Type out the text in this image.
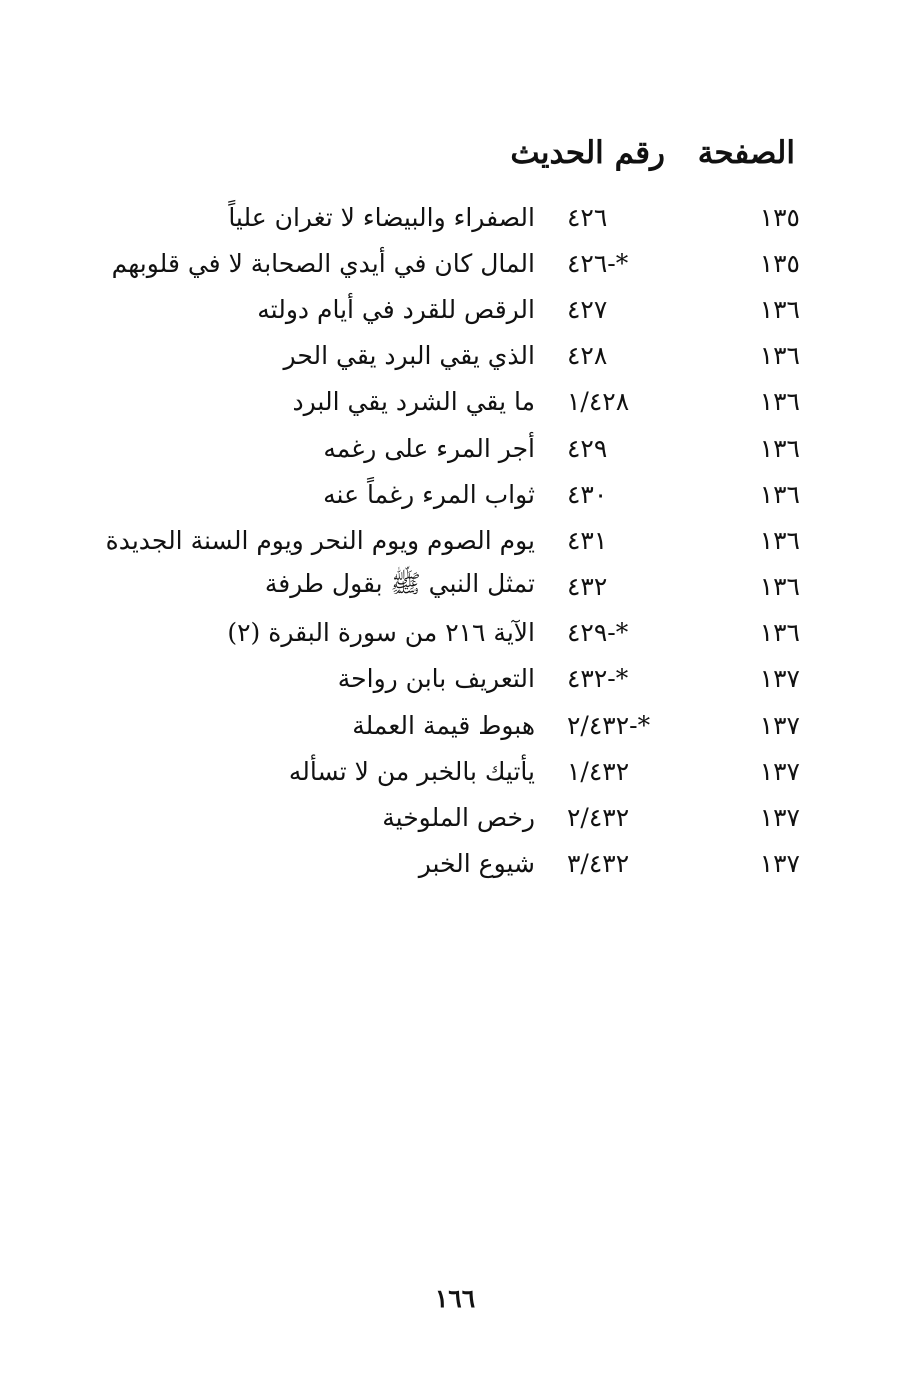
الصفحة
رقم الحديث
١٣٥
٤٢٦
الصفراء والبيضاء لا تغران علياً
١٣٥
٤٢٦-*
المال كان في أيدي الصحابة لا في قلوبهم
١٣٦
٤٢٧
الرقص للقرد في أيام دولته
١٣٦
٤٢٨
الذي يقي البرد يقي الحر
١٣٦
١/٤٢٨
ما يقي الشرد يقي البرد
١٣٦
٤٢٩
أجر المرء على رغمه
١٣٦
٤٣٠
ثواب المرء رغماً عنه
١٣٦
٤٣١
يوم الصوم ويوم النحر ويوم السنة الجديدة
١٣٦
٤٣٢
تمثل النبي ﷺ بقول طرفة
١٣٦
٤٢٩-*
الآية ٢١٦ من سورة البقرة (٢)
١٣٧
٤٣٢-*
التعريف بابن رواحة
١٣٧
٢/٤٣٢-*
هبوط قيمة العملة
١٣٧
١/٤٣٢
يأتيك بالخبر من لا تسأله
١٣٧
٢/٤٣٢
رخص الملوخية
١٣٧
٣/٤٣٢
شيوع الخبر
١٦٦
